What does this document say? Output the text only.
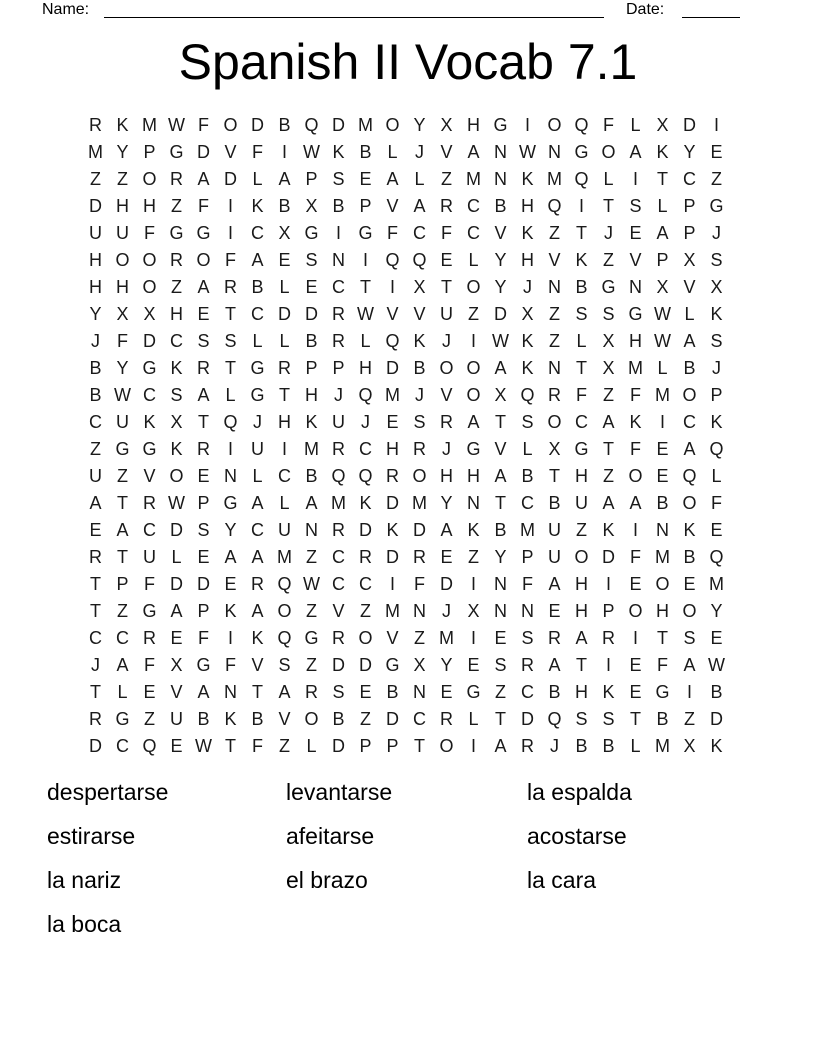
Name:	Date:
Spanish II Vocab 7.1
R K M W F O D B Q D M O Y X H G I O Q F L X D I
M Y P G D V F	I W K B L J V A N W N G O A K Y E
Z Z O R A D L A P S E A L Z M N K M Q L	I	T C Z
D H H Z F	I	K B X B P V A R C B H Q I	T S L P G
U U F G G I	C X G I G F C F C V K Z T J E A P J
H O O R O F A E S N I Q Q E L Y H V K Z V P X S
H H O Z A R B L E C T	I	X T O Y J N B G N X V X
Y X X H E T C D D R W V V U Z D X Z S S G W L K
J F D C S S L L B R L Q K J	I W K Z L X H W A S
B Y G K R T G R P P H D B O O A K N T X M L B J
B W C S A L G T H J Q M J V O X Q R F Z F M O P
C U K X T Q J H K U J E S R A T S O C A K	I	C K
Z G G K R I	U I M R C H R J G V L X G T F E A Q
U Z V O E N L C B Q Q R O H H A B T H Z O E Q L
A T R W P G A L A M K D M Y N T C B U A A B O F
E A C D S Y C U N R D K D A K B M U Z K	I	N K E
R T U L E A A M Z C R D R E Z Y P U O D F M B Q
T P F D D E R Q W C C I	F D I	N F A H I	E O E M
T Z G A P K A O Z V Z M N J X N N E H P O H O Y
C C R E F	I	K Q G R O V Z M I	E S R A R I	T S E
J A F X G F V S Z D D G X Y E S R A T	I	E F A W
T L E V A N T A R S E B N E G Z C B H K E G I	B
R G Z U B K B V O B Z D C R L T D Q S S T B Z D
D C Q E W T F Z L D P P T O I	A R J B B L M X K
despertarse
estirarse
la nariz
la boca
levantarse
afeitarse
el brazo
la espalda
acostarse
la cara
